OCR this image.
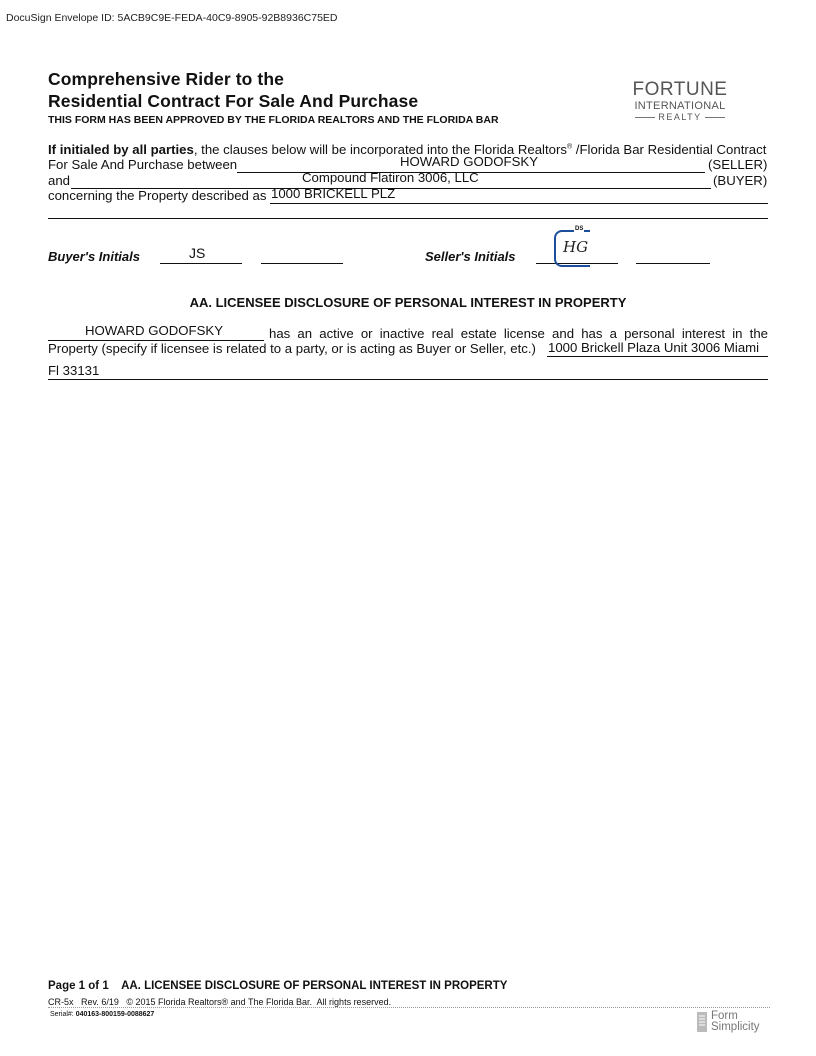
DocuSign Envelope ID: 5ACB9C9E-FEDA-40C9-8905-92B8936C75ED
Comprehensive Rider to the
Residential Contract For Sale And Purchase
THIS FORM HAS BEEN APPROVED BY THE FLORIDA REALTORS AND THE FLORIDA BAR
FORTUNE
INTERNATIONAL
REALTY
If initialed by all parties, the clauses below will be incorporated into the Florida Realtors® /Florida Bar Residential Contract
For Sale And Purchase between	HOWARD GODOFSKY	(SELLER)
and	Compound Flatiron 3006, LLC	(BUYER)
concerning the Property described as 1000 BRICKELL PLZ
Buyer's Initials	JS	Seller's Initials
DS
HG
AA. LICENSEE DISCLOSURE OF PERSONAL INTEREST IN PROPERTY
HOWARD GODOFSKY	has an active or inactive real estate license and has a personal interest in the
Property (specify if licensee is related to a party, or is acting as Buyer or Seller, etc.) 1000 Brickell Plaza Unit 3006 Miami
Fl 33131
Page 1 of 1    AA. LICENSEE DISCLOSURE OF PERSONAL INTEREST IN PROPERTY
CR-5x   Rev. 6/19   © 2015 Florida Realtors® and The Florida Bar.  All rights reserved.
Serial#: 040163-800159-0088627	Form
Simplicity
